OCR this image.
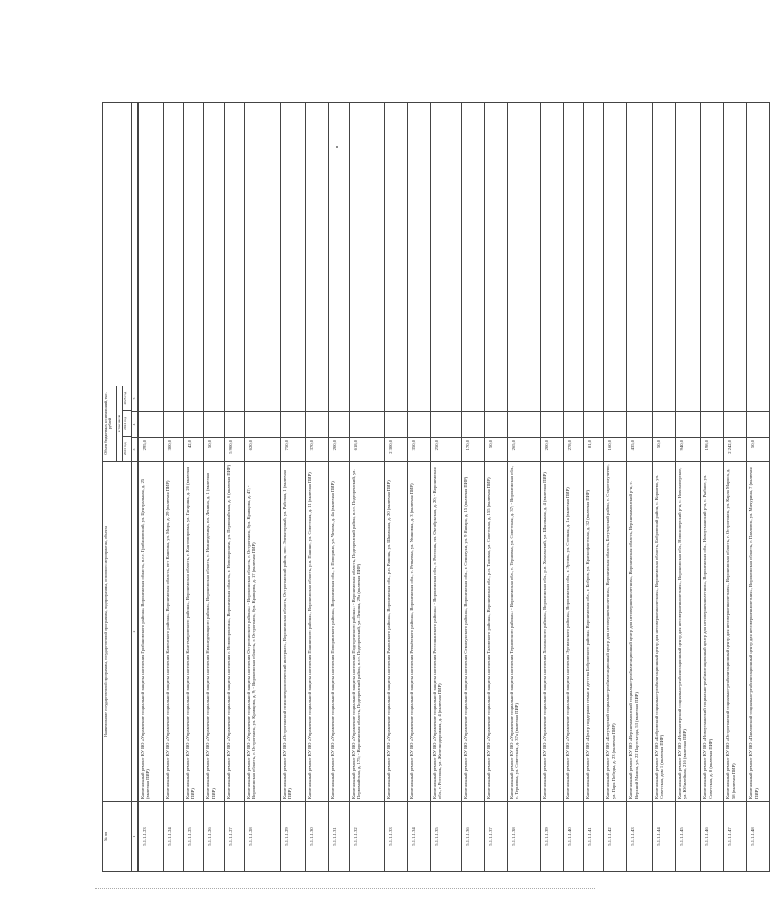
№ пп
Наименование государственной программы, государственной программы, подпрограммы, основного мероприятия, объекта
Объем бюджетных ассигнований, тыс. рублей	в том числе
2023 год
2024 год
2025 год
1
2
3
4
5
5.1.1.1.23
Капитальный ремонт КУ ВО «Управление социальной защиты населения Грибановского района» Воронежская область, п.г.т. Грибановский, ул. Центральная, д. 25 (включая ПИР)
295,0
5.1.1.1.24
Капитальный ремонт КУ ВО «Управление социальной защиты населения Каменского района», Воронежская область, пгт Каменка, ул. Мира, д. 29 (включая ПИР)
300,0
5.1.1.1.25
Капитальный ремонт КУ ВО «Управление социальной защиты населения Кантемировского района», Воронежская область, г. Кантемировка, ул. Гагарина, д. 2б (включая ПИР)
42,0
5.1.1.1.26
Капитальный ремонт КУ ВО «Управление социальной защиты населения Нижнедевицкого района», Воронежская область, с. Нижнедевицк, пл. Ленина, д. 1 (включая ПИР)
50,0
5.1.1.1.27
Капитальный ремонт КУ ВО «Управление социальной защиты населения г. Нововоронежа», Воронежская область, г. Нововоронеж, ул. Первомайская, д. 6 (включая ПИР)
5 900,0
5.1.1.1.28
Капитальный ремонт КУ ВО «Управление социальной защиты населения Острогожского района»: - Воронежская область, г. Острогожск, бул. Кравцова, д. 47; - Воронежская область, г. Острогожск, ул. Кравцова, д. 9; - Воронежская область, г. Острогожск, бул. Кравцова, д. 17 (включая ПИР)
620,0
5.1.1.1.29
Капитальный ремонт КУ ВО «Острогожский психоневрологический интернат», Воронежская область, Острогожский район, пос. Элеваторный, ул. Рабочая, 1 (включая ПИР)
750,0
5.1.1.1.30
Капитальный ремонт КУ ВО «Управление социальной защиты населения Панинского района», Воронежская область, р.п. Панино, ул. Советская, д. 11 (включая ПИР)
370,0
5.1.1.1.31
Капитальный ремонт КУ ВО «Управление социальной защиты населения Поворинского района», Воронежская обл., г. Поворино, ул. Чехова, д. 4а (включая ПИР)
200,0
5.1.1.1.32
Капитальный ремонт КУ ВО «Управление социальной защиты населения Подгоренского района»: - Воронежская область, Подгоренский район, п.г.т. Подгоренский, ул. Первомайская, д. 175; - Воронежская область, Подгоренский район, п.г.т. Подгоренский, ул. Ленина, 29а (включая ПИР)
618,0
5.1.1.1.33
Капитальный ремонт КУ ВО «Управление социальной защиты населения Рамонского района», Воронежская обл., р.п. Рамонь, ул. Школьная, д. 20 (включая ПИР)
2 300,0
5.1.1.1.34
Капитальный ремонт КУ ВО «Управление социальной защиты населения Репьёвского района», Воронежская обл., с. Репьевка, ул. Увиновна, д. 3 (включая ПИР)
350,0
5.1.1.1.35
Капитальный ремонт КУ ВО «Управление социальной защиты населения Россошанского района»: - Воронежская обл., г. Россошь, пл. Октябрьская, д. 20; - Воронежская обл., г. Россошь, ул. Железнодорожная, д. 4 (включая ПИР)
250,0
5.1.1.1.36
Капитальный ремонт КУ ВО «Управление социальной защиты населения Семилукского района», Воронежская обл., г. Семилуки, ул. 9 Января, д. 15 (включая ПИР)
170,0
5.1.1.1.37
Капитальный ремонт КУ ВО «Управление социальной защиты населения Таловского района», Воронежская обл., р.п. Таловая, ул. Советская, д. 155 (включая ПИР)
50,0
5.1.1.1.38
Капитальный ремонт КУ ВО «Управление социальной защиты населения Терновского района»: - Воронежская обл., с. Терновка, ул. Советская, д. 37; - Воронежская обл., с. Терновка, ул. Советская, д. 37а (включая ПИР)
265,0
5.1.1.1.39
Капитальный ремонт КУ ВО «Управление социальной защиты населения Хохольского района», Воронежская обл., р.п. Хохольский, ул. Школьная, д. 4 (включая ПИР)
200,0
5.1.1.1.40
Капитальный ремонт КУ ВО «Управление социальной защиты населения Эртильского района», Воронежская обл., г. Эртиль, ул. Степная, д. 1а (включая ПИР)
278,0
5.1.1.1.41
Капитальный ремонт КУ ВО «Центр поддержки семьи и детства Бобровского района» Воронежская обл., г. Бобров, ул. Краснофлотская, д. 32 (включая ПИР)
81,0
5.1.1.1.42
Капитальный ремонт КУ ВО «Богучарский социально-реабилитационный центр для несовершеннолетних», Воронежская область, Богучарский район, с. Старотолучеево, ул. Парк Победы, д. 23 (включая ПИР)
160,0
5.1.1.1.43
Капитальный ремонт КУ ВО «Верхнемамонский социально-реабилитационный центр для несовершеннолетних», Воронежская область, Верхнемамонский р-н, с. Верхний Мамон, ул. 22 Партсъезда, 53 (включая ПИР)
435,0
5.1.1.1.44
Капитальный ремонт КУ ВО «Бобровский социально-реабилитационный центр для несовершеннолетних», Воронежская область, Бобровский район, с. Коршево, ул. Советская, дом 1 (включая ПИР)
50,0
5.1.1.1.45
Капитальный ремонт КУ ВО «Новохоперский социально-реабилитационный центр для несовершеннолетних», Воронежская обл., Новохоперский р-н, с. Новохоперское, ул. Юбилейная, 21б (включая ПИР)
940,0
5.1.1.1.46
Капитальный ремонт КУ ВО «Новоусманский социально-реабилитационный центр для несовершеннолетних», Воронежская обл., Новоусманский р-н, с. Рыбное, ул. Советская, д. 8 (включая ПИР)
198,0
5.1.1.1.47
Капитальный ремонт КУ ВО «Острогожский социально-реабилитационный центр для несовершеннолетних», Воронежская область, г. Острогожск, ул. Карла Маркса, д. 58 (включая ПИР)
2 242,0
5.1.1.1.48
Капитальный ремонт КУ ВО «Павловский социально-реабилитационный центр для несовершеннолетних», Воронежская область, г. Павловск, ул. Мичурина, 7 (включая ПИР)
50,0
